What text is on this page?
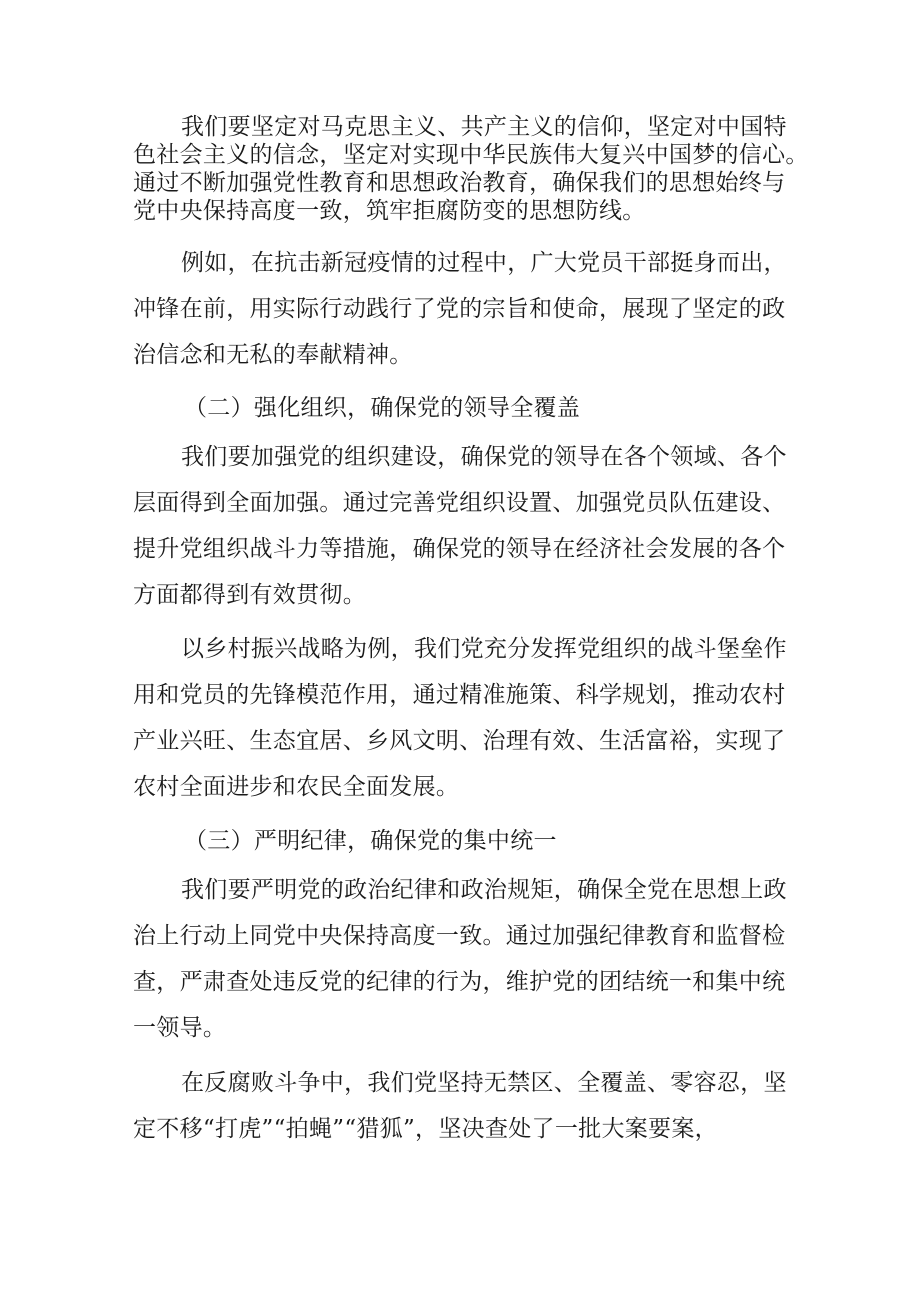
我们要坚定对马克思主义、共产主义的信仰，坚定对中国特
色社会主义的信念，坚定对实现中华民族伟大复兴中国梦的信心。
通过不断加强党性教育和思想政治教育，确保我们的思想始终与
党中央保持高度一致，筑牢拒腐防变的思想防线。
例如，在抗击新冠疫情的过程中，广大党员干部挺身而出，
冲锋在前，用实际行动践行了党的宗旨和使命，展现了坚定的政
治信念和无私的奉献精神。
（二）强化组织，确保党的领导全覆盖
我们要加强党的组织建设，确保党的领导在各个领域、各个
层面得到全面加强。通过完善党组织设置、加强党员队伍建设、
提升党组织战斗力等措施，确保党的领导在经济社会发展的各个
方面都得到有效贯彻。
以乡村振兴战略为例，我们党充分发挥党组织的战斗堡垒作
用和党员的先锋模范作用，通过精准施策、科学规划，推动农村
产业兴旺、生态宜居、乡风文明、治理有效、生活富裕，实现了
农村全面进步和农民全面发展。
（三）严明纪律，确保党的集中统一
我们要严明党的政治纪律和政治规矩，确保全党在思想上政
治上行动上同党中央保持高度一致。通过加强纪律教育和监督检
查，严肃查处违反党的纪律的行为，维护党的团结统一和集中统
一领导。
在反腐败斗争中，我们党坚持无禁区、全覆盖、零容忍，坚
定不移“打虎”“拍蝇”“猎狐”，坚决查处了一批大案要案，
